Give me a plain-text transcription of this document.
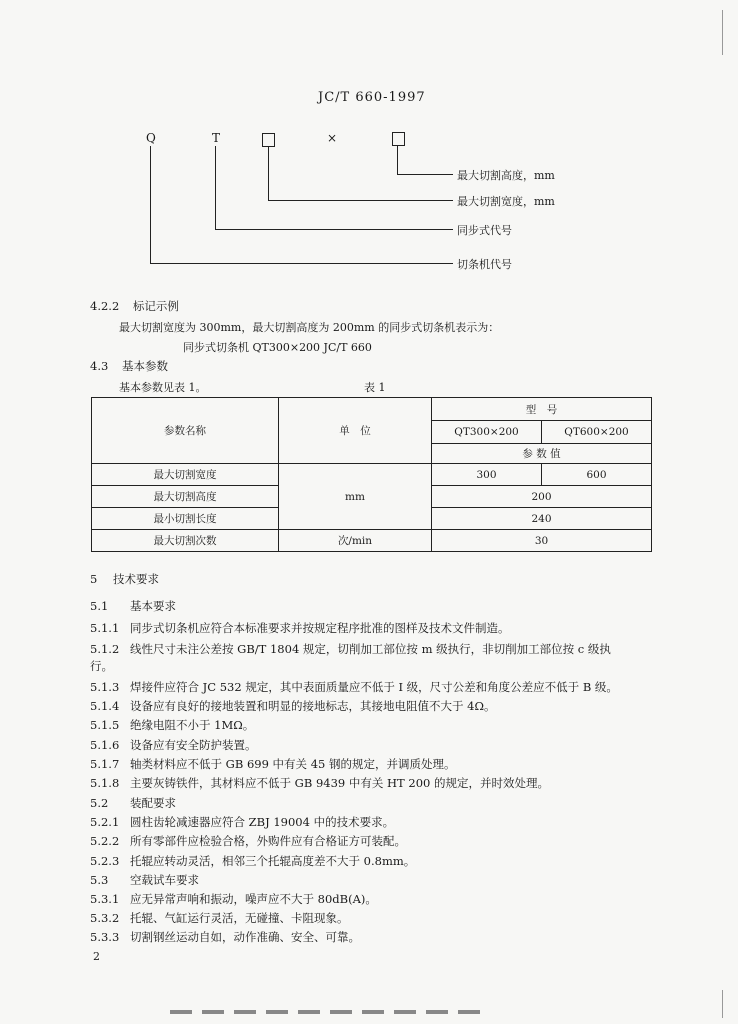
JC/T 660-1997
Q	T	×
最大切割高度，mm
最大切割宽度，mm
同步式代号
切条机代号
4.2.2 标记示例
最大切割宽度为 300mm，最大切割高度为 200mm 的同步式切条机表示为：
同步式切条机 QT300×200 JC/T 660
4.3 基本参数
基本参数见表 1。	表 1
参数名称	单　位	型　号	
		QT300×200	QT600×200
		参 数 值	
最大切割宽度	mm	300	600
最大切割高度		200	
最小切割长度		240	
最大切割次数	次/min	30	
5 技术要求
5.1 基本要求
5.1.1 同步式切条机应符合本标准要求并按规定程序批准的图样及技术文件制造。
5.1.2 线性尺寸未注公差按 GB/T 1804 规定，切削加工部位按 m 级执行，非切削加工部位按 c 级执
行。
5.1.3 焊接件应符合 JC 532 规定，其中表面质量应不低于 I 级，尺寸公差和角度公差应不低于 B 级。
5.1.4 设备应有良好的接地装置和明显的接地标志，其接地电阻值不大于 4Ω。
5.1.5 绝缘电阻不小于 1MΩ。
5.1.6 设备应有安全防护装置。
5.1.7 轴类材料应不低于 GB 699 中有关 45 钢的规定，并调质处理。
5.1.8 主要灰铸铁件，其材料应不低于 GB 9439 中有关 HT 200 的规定，并时效处理。
5.2 装配要求
5.2.1 圆柱齿轮减速器应符合 ZBJ 19004 中的技术要求。
5.2.2 所有零部件应检验合格，外购件应有合格证方可装配。
5.2.3 托辊应转动灵活，相邻三个托辊高度差不大于 0.8mm。
5.3 空载试车要求
5.3.1 应无异常声响和振动，噪声应不大于 80dB(A)。
5.3.2 托辊、气缸运行灵活，无碰撞、卡阻现象。
5.3.3 切割钢丝运动自如，动作准确、安全、可靠。
2
